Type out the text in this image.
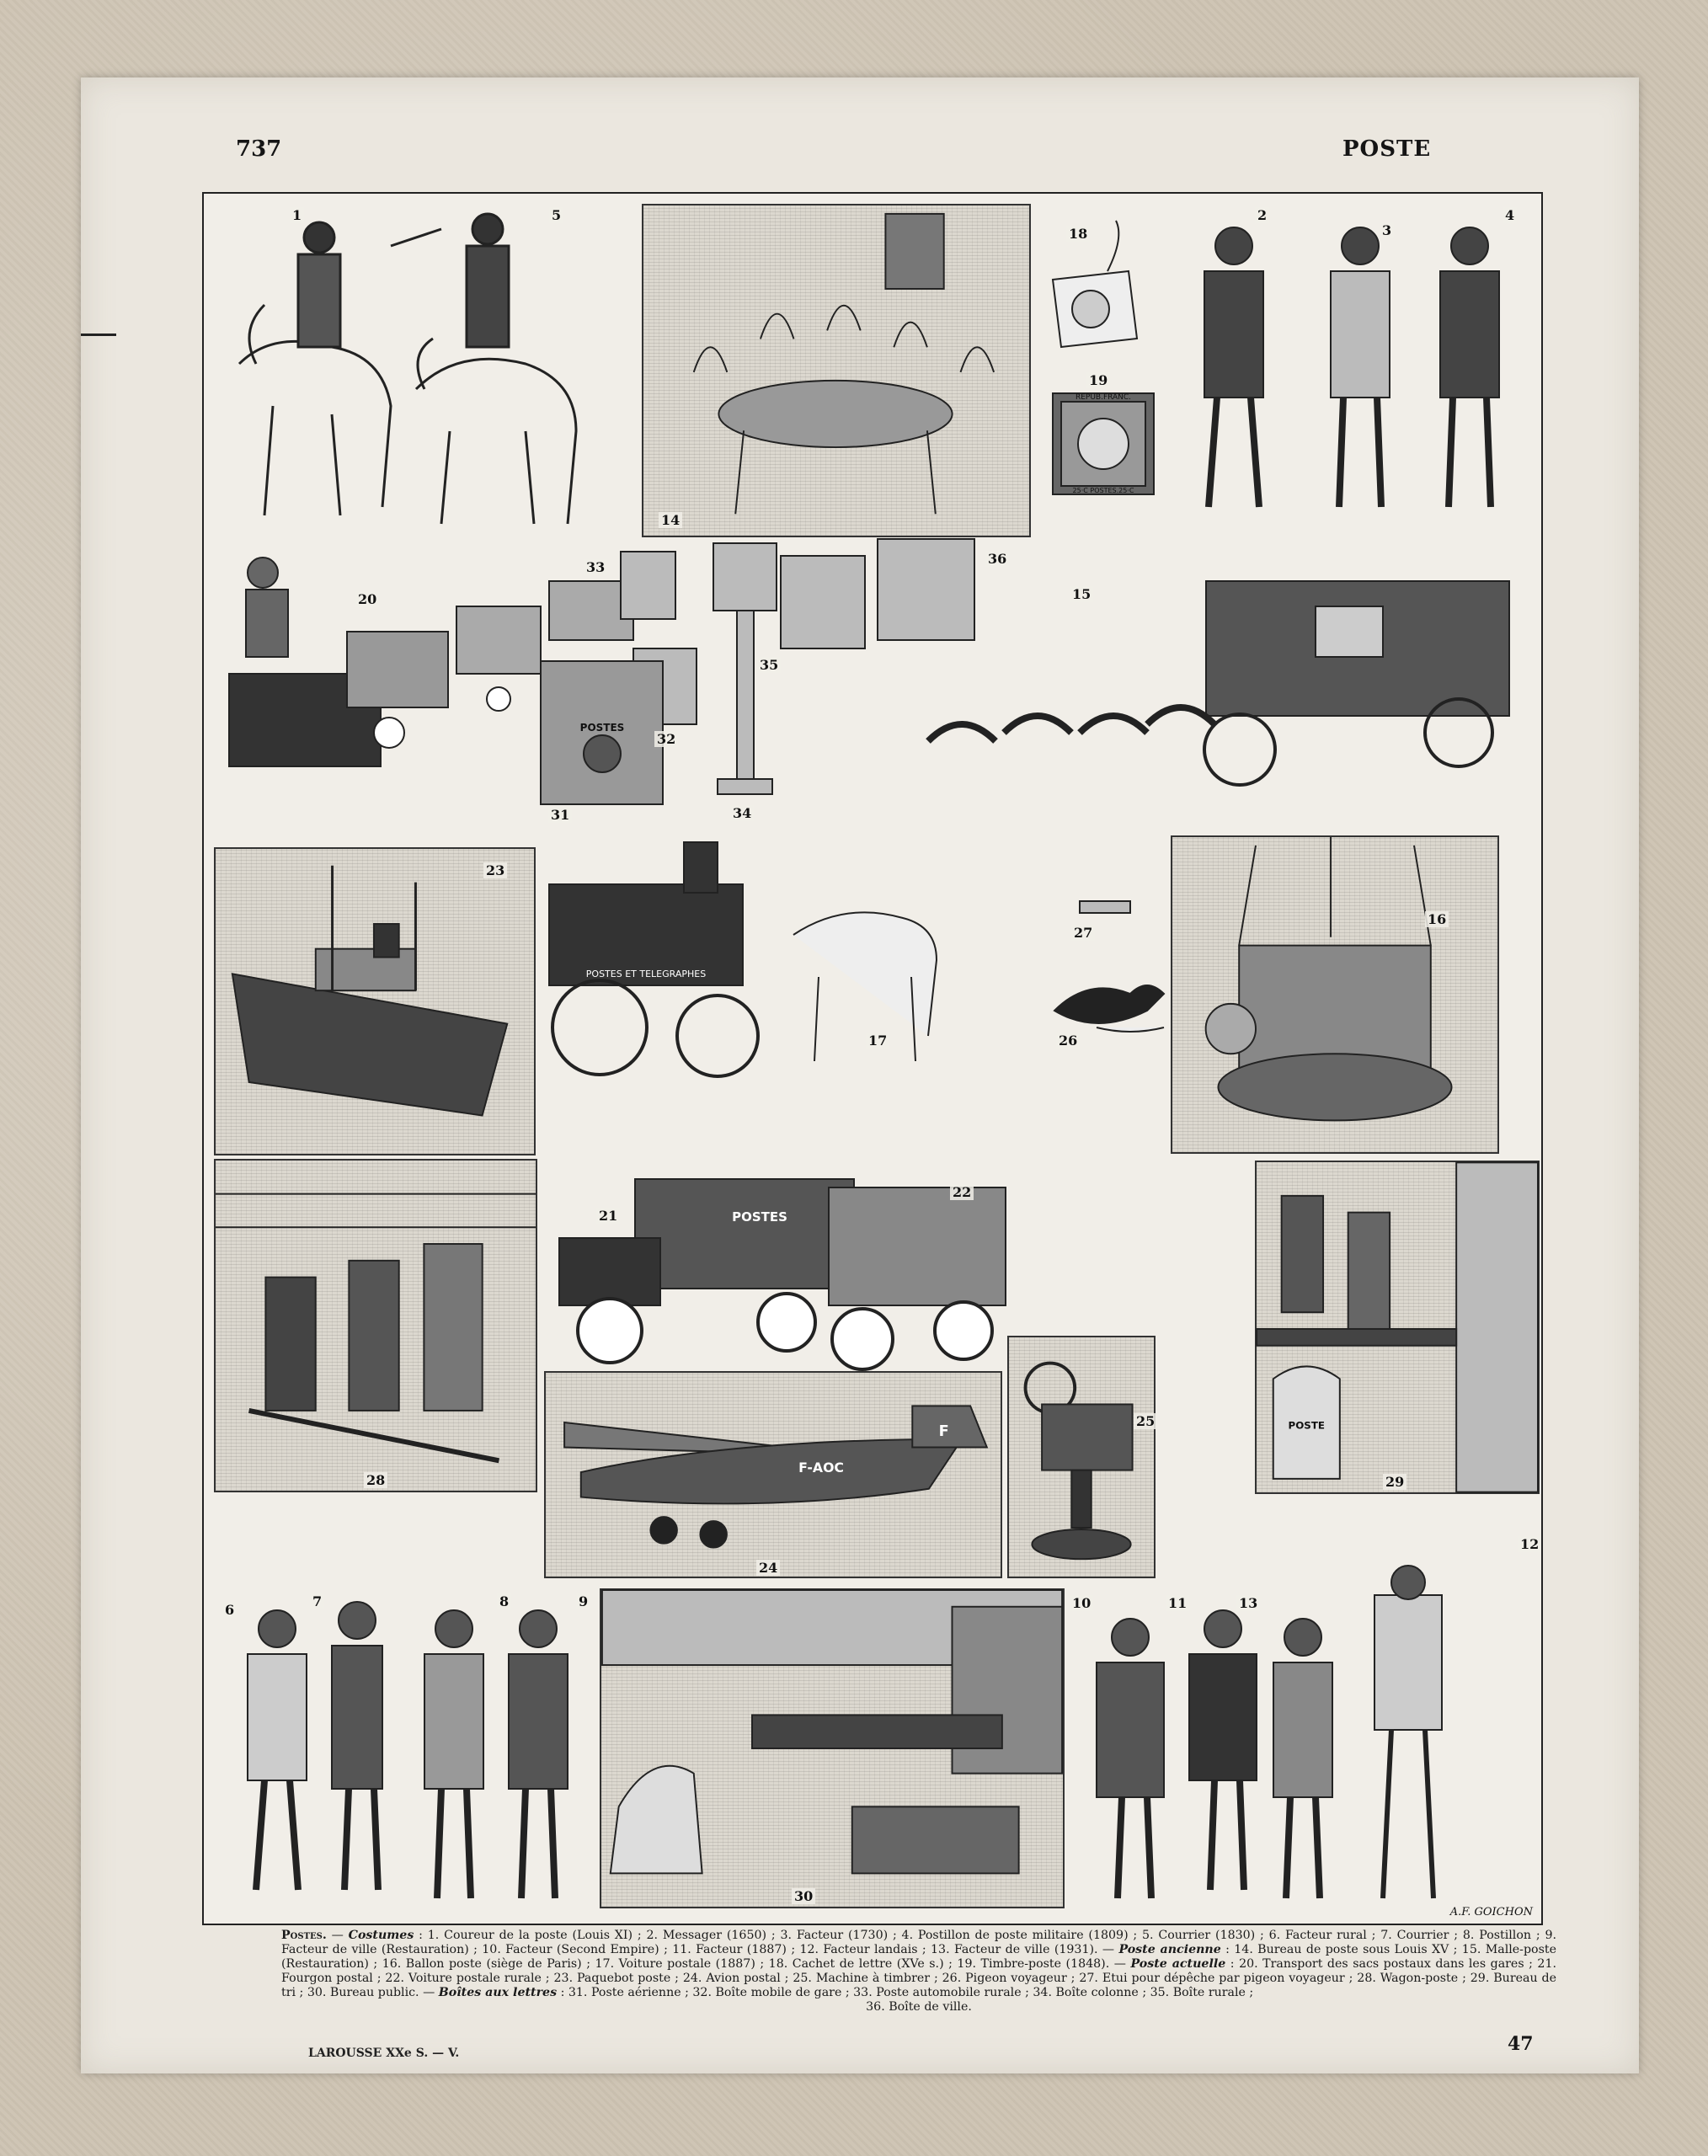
737	POSTE
1	5
14
REPUB.FRANC.
25·C POSTES.25·C
18
19
2
3
4
20
POSTES
33
32
31	34
35
36
15
23
POSTES ET TELEGRAPHES
17
27
26
16
28
POSTES
21
22
POSTE
29
F
F-AOC
24
25
6
7	8	9
30
10	11	13
12
A.F. GOICHON
Postes. — Costumes : 1. Coureur de la poste (Louis XI) ; 2. Messager (1650) ; 3. Facteur (1730) ; 4. Postillon de poste militaire (1809) ; 5. Courrier (1830) ; 6. Facteur rural ; 7. Courrier ; 8. Postillon ; 9. Facteur de ville (Restauration) ; 10. Facteur (Second Empire) ; 11. Facteur (1887) ; 12. Facteur landais ; 13. Facteur de ville (1931). — Poste ancienne : 14. Bureau de poste sous Louis XV ; 15. Malle-poste (Restauration) ; 16. Ballon poste (siège de Paris) ; 17. Voiture postale (1887) ; 18. Cachet de lettre (XVe s.) ; 19. Timbre-poste (1848). — Poste actuelle : 20. Transport des sacs postaux dans les gares ; 21. Fourgon postal ; 22. Voiture postale rurale ; 23. Paquebot poste ; 24. Avion postal ; 25. Machine à timbrer ; 26. Pigeon voyageur ; 27. Etui pour dépêche par pigeon voyageur ; 28. Wagon-poste ; 29. Bureau de tri ; 30. Bureau public. — Boîtes aux lettres : 31. Poste aérienne ; 32. Boîte mobile de gare ; 33. Poste automobile rurale ; 34. Boîte colonne ; 35. Boîte rurale ;
36. Boîte de ville.
LAROUSSE XXe S. — V.	47
